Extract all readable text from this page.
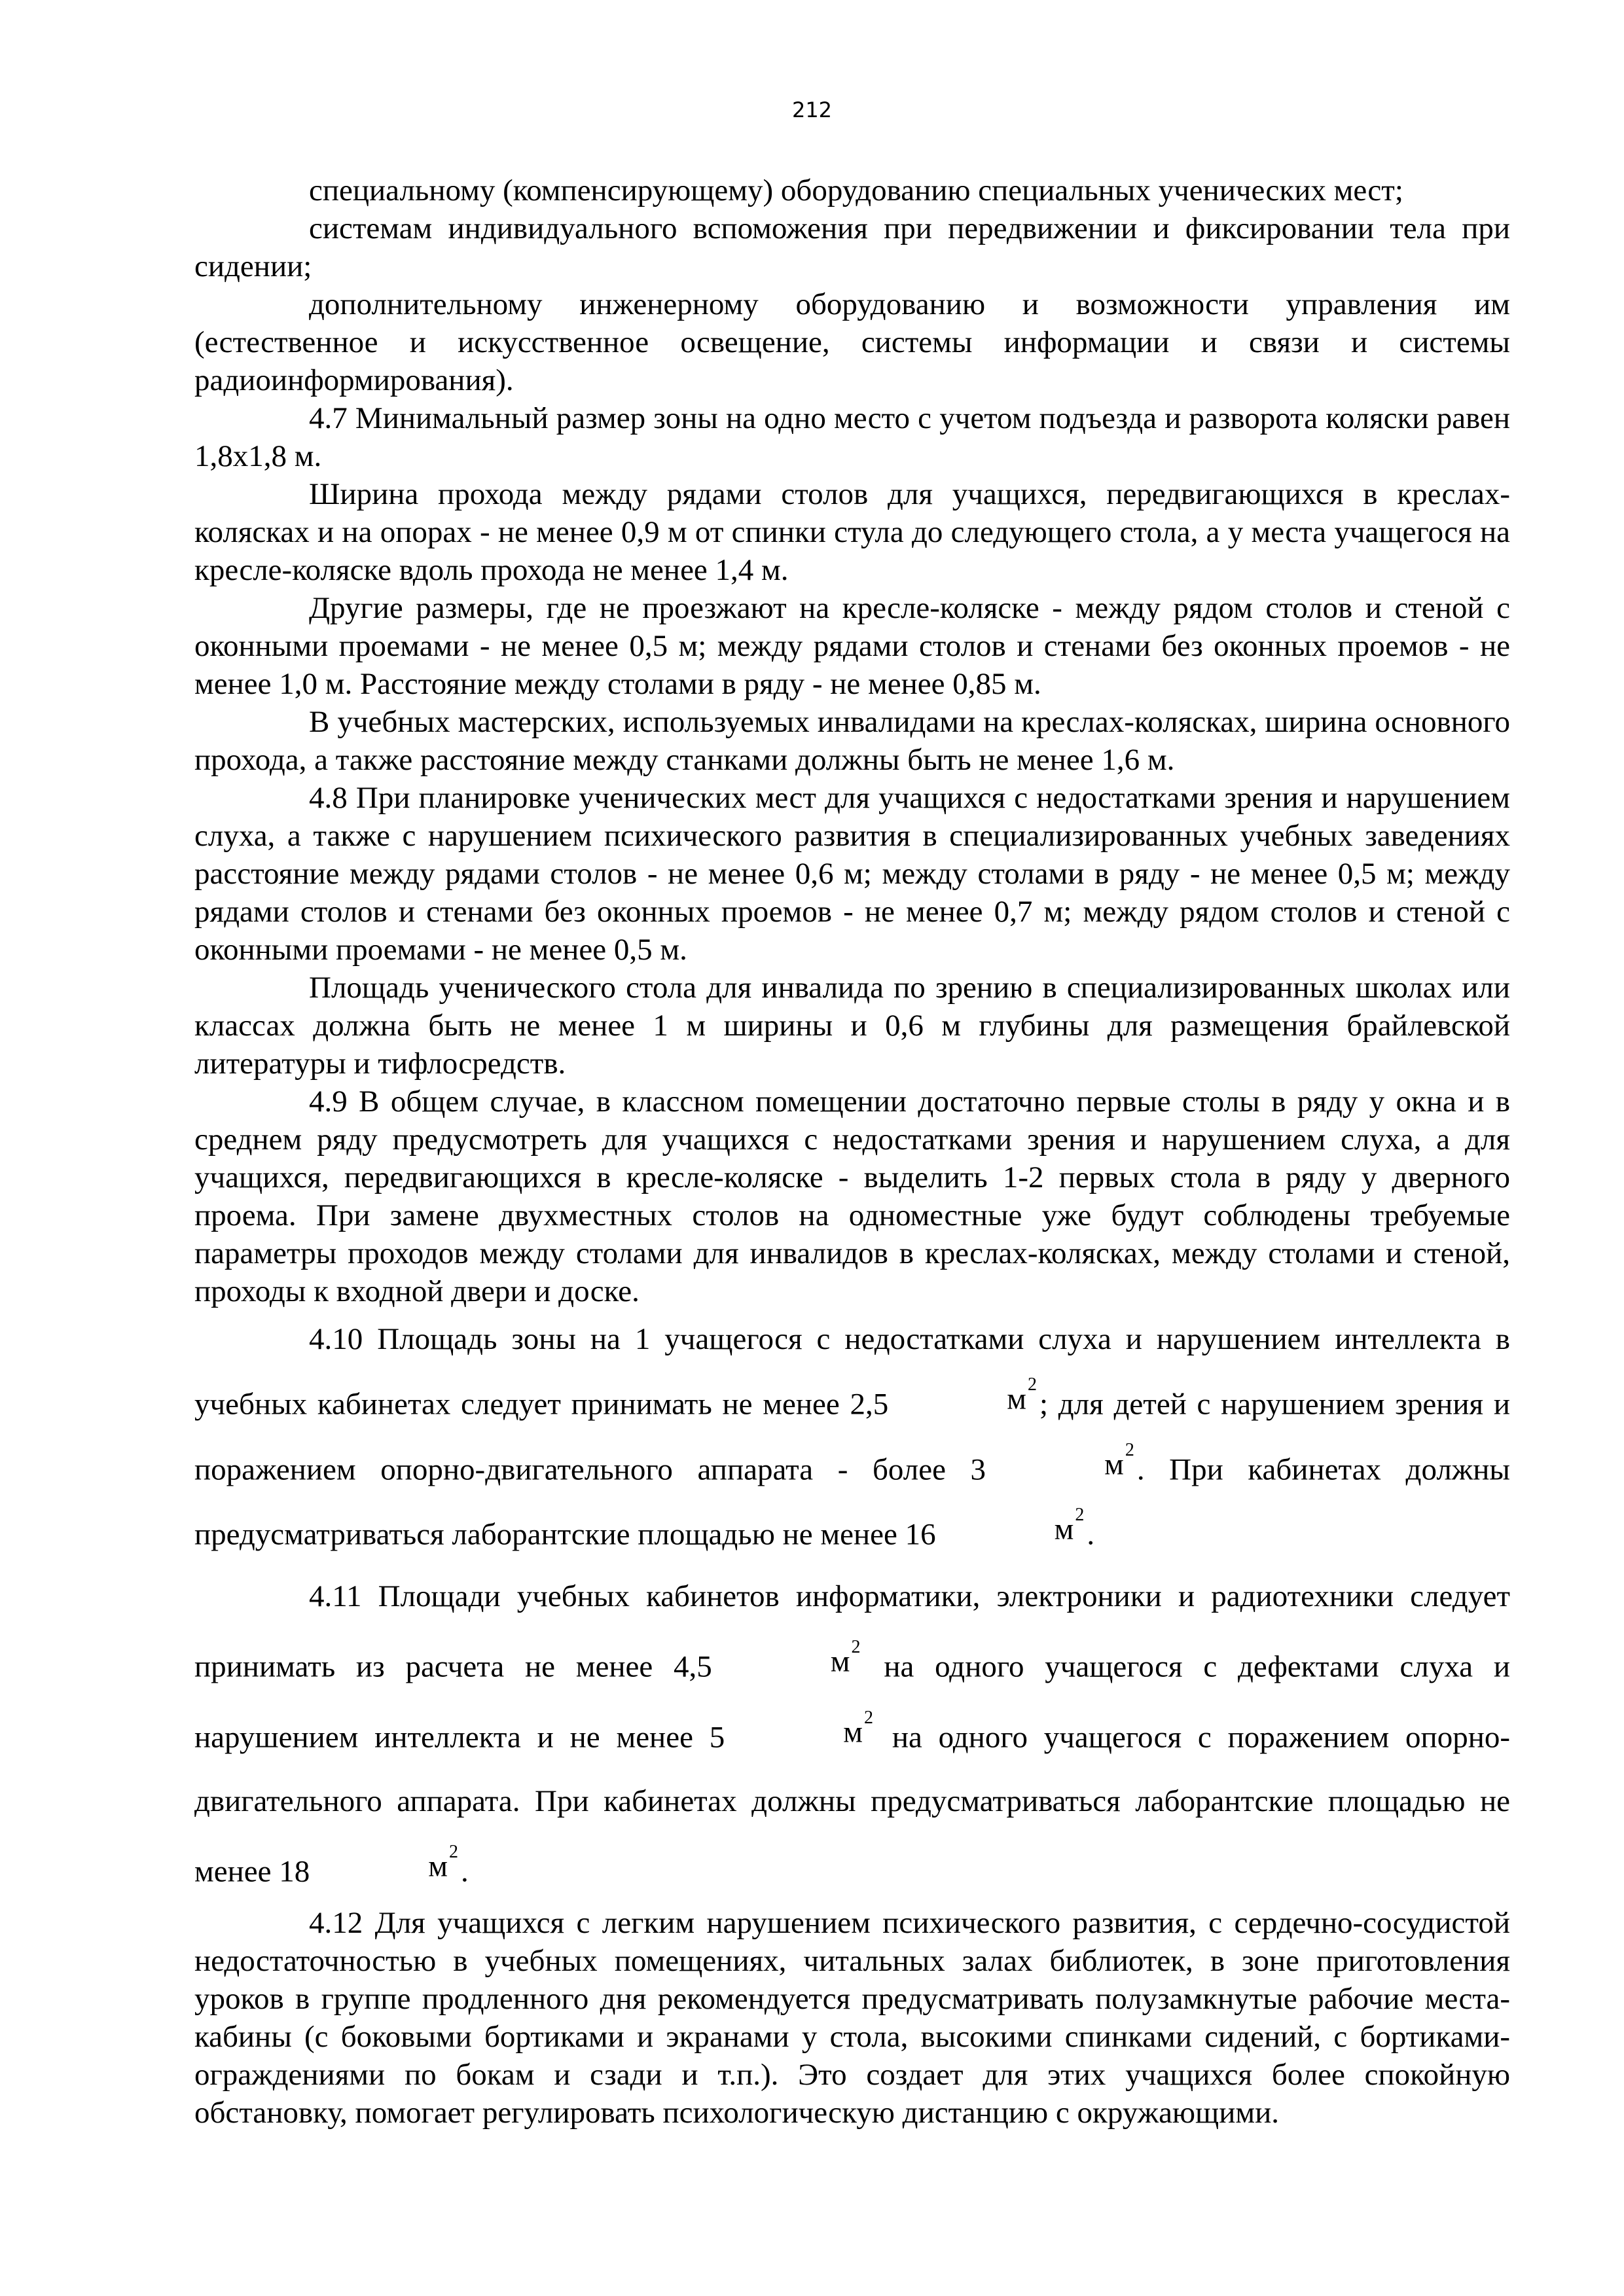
212

специальному (компенсирующему) оборудованию специальных ученических мест;

системам индивидуального вспоможения при передвижении и фиксировании тела при сидении;

дополнительному инженерному оборудованию и возможности управления им (естественное и искусственное освещение, системы информации и связи и системы радиоинформирования).

4.7 Минимальный размер зоны на одно место с учетом подъезда и разворота коляски равен 1,8х1,8 м.

Ширина прохода между рядами столов для учащихся, передвигающихся в креслах-колясках и на опорах - не менее 0,9 м от спинки стула до следующего стола, а у места учащегося на кресле-коляске вдоль прохода не менее 1,4 м.

Другие размеры, где не проезжают на кресле-коляске - между рядом столов и стеной с оконными проемами - не менее 0,5 м; между рядами столов и стенами без оконных проемов - не менее 1,0 м. Расстояние между столами в ряду - не менее 0,85 м.

В учебных мастерских, используемых инвалидами на креслах-колясках, ширина основного прохода, а также расстояние между станками должны быть не менее 1,6 м.

4.8 При планировке ученических мест для учащихся с недостатками зрения и нарушением слуха, а также с нарушением психического развития в специализированных учебных заведениях расстояние между рядами столов - не менее 0,6 м; между столами в ряду - не менее 0,5 м; между рядами столов и стенами без оконных проемов - не менее 0,7 м; между рядом столов и стеной с оконными проемами - не менее 0,5 м.

Площадь ученического стола для инвалида по зрению в специализированных школах или классах должна быть не менее 1 м ширины и 0,6 м глубины для размещения брайлевской литературы и тифлосредств.

4.9 В общем случае, в классном помещении достаточно первые столы в ряду у окна и в среднем ряду предусмотреть для учащихся с недостатками зрения и нарушением слуха, а для учащихся, передвигающихся в кресле-коляске - выделить 1-2 первых стола в ряду у дверного проема. При замене двухместных столов на одноместные уже будут соблюдены требуемые параметры проходов между столами для инвалидов в креслах-колясках, между столами и стеной, проходы к входной двери и доске.

4.10 Площадь зоны на 1 учащегося с недостатками слуха и нарушением интеллекта в учебных кабинетах следует принимать не менее 2,5	$м^2$; для детей с нарушением зрения и поражением опорно-двигательного аппарата - более 3	$м^2$. При кабинетах должны предусматриваться лаборантские площадью не менее 16	$м^2$.

4.11 Площади учебных кабинетов информатики, электроники и радиотехники следует принимать из расчета не менее 4,5	$м^2$ на одного учащегося с дефектами слуха и нарушением интеллекта и не менее 5	$м^2$ на одного учащегося с поражением опорно-двигательного аппарата. При кабинетах должны предусматриваться лаборантские площадью не менее 18	$м^2$.

4.12 Для учащихся с легким нарушением психического развития, с сердечно-сосудистой недостаточностью в учебных помещениях, читальных залах библиотек, в зоне приготовления уроков в группе продленного дня рекомендуется предусматривать полузамкнутые рабочие места-кабины (с боковыми бортиками и экранами у стола, высокими спинками сидений, с бортиками-ограждениями по бокам и сзади и т.п.). Это создает для этих учащихся более спокойную обстановку, помогает регулировать психологическую дистанцию с окружающими.
